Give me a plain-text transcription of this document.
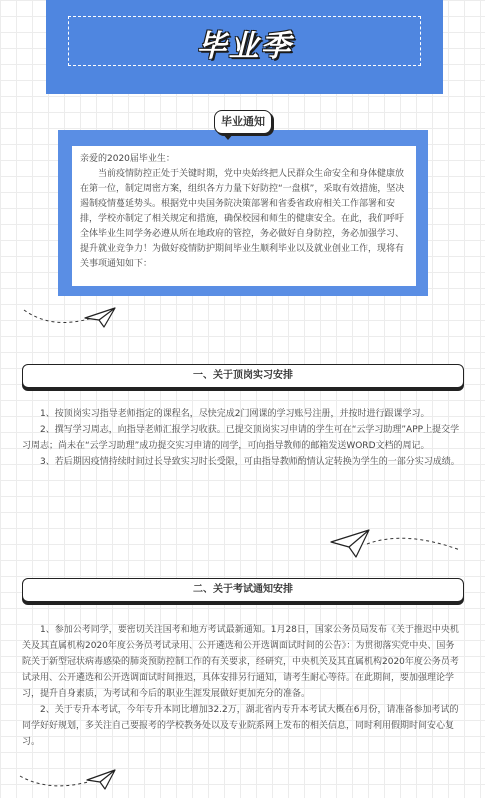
毕业季

亲爱的2020届毕业生：

当前疫情防控正处于关键时期，党中央始终把人民群众生命安全和身体健康放在第一位，制定周密方案，组织各方力量下好防控“一盘棋”，采取有效措施，坚决遏制疫情蔓延势头。根据党中央国务院决策部署和省委省政府相关工作部署和安排，学校亦制定了相关规定和措施，确保校园和师生的健康安全。在此，我们呼吁全体毕业生同学务必遵从所在地政府的管控，务必做好自身防控，务必加强学习、提升就业竞争力！为做好疫情防护期间毕业生顺利毕业以及就业创业工作，现将有关事项通知如下：

毕业通知
一、关于顶岗实习安排

1、按顶岗实习指导老师指定的课程名，尽快完成2门网课的学习账号注册，并按时进行跟课学习。

2、撰写学习周志，向指导老师汇报学习收获。已提交顶岗实习申请的学生可在“云学习助理”APP上提交学习周志；尚未在“云学习助理”成功提交实习申请的同学，可向指导教师的邮箱发送WORD文档的周记。

3、若后期因疫情持续时间过长导致实习时长受限，可由指导教师酌情认定转换为学生的一部分实习成绩。

二、关于考试通知安排

1、参加公考同学，要密切关注国考和地方考试最新通知。1月28日，国家公务员局发布《关于推迟中央机关及其直属机构2020年度公务员考试录用、公开遴选和公开选调面试时间的公告》：为贯彻落实党中央、国务院关于新型冠状病毒感染的肺炎预防控制工作的有关要求，经研究，中央机关及其直属机构2020年度公务员考试录用、公开遴选和公开选调面试时间推迟，具体安排另行通知，请考生耐心等待。在此期间，要加强理论学习，提升自身素质，为考试和今后的职业生涯发展做好更加充分的准备。

2、关于专升本考试，今年专升本同比增加32.2万，湖北省内专升本考试大概在6月份，请准备参加考试的同学好好规划，多关注自己要报考的学校教务处以及专业院系网上发布的相关信息，同时利用假期时间安心复习。
